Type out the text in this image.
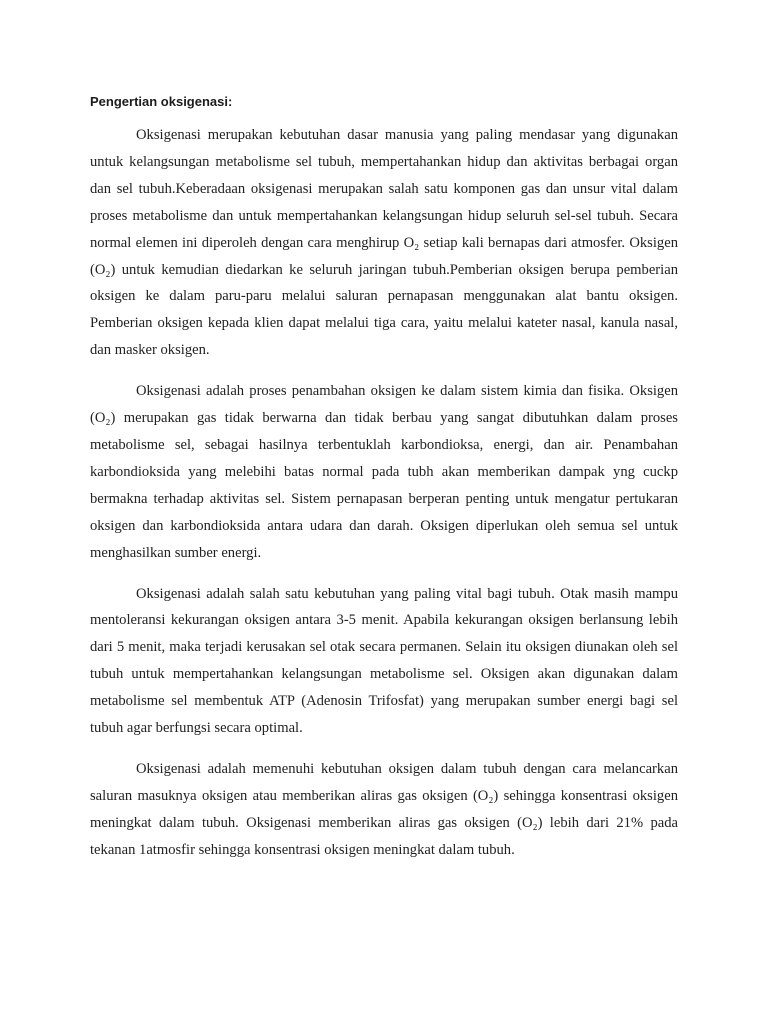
Pengertian oksigenasi:

Oksigenasi merupakan kebutuhan dasar manusia yang paling mendasar yang digunakan untuk kelangsungan metabolisme sel tubuh, mempertahankan hidup dan aktivitas berbagai organ dan sel tubuh.Keberadaan oksigenasi merupakan salah satu komponen gas dan unsur vital dalam proses metabolisme dan untuk mempertahankan kelangsungan hidup seluruh sel-sel tubuh. Secara normal elemen ini diperoleh dengan cara menghirup O₂ setiap kali bernapas dari atmosfer. Oksigen (O₂) untuk kemudian diedarkan ke seluruh jaringan tubuh.Pemberian oksigen berupa pemberian oksigen ke dalam paru-paru melalui saluran pernapasan menggunakan alat bantu oksigen. Pemberian oksigen kepada klien dapat melalui tiga cara, yaitu melalui kateter nasal, kanula nasal, dan masker oksigen.

Oksigenasi adalah proses penambahan oksigen ke dalam sistem kimia dan fisika. Oksigen (O₂) merupakan gas tidak berwarna dan tidak berbau yang sangat dibutuhkan dalam proses metabolisme sel, sebagai hasilnya terbentuklah karbondioksa, energi, dan air. Penambahan karbondioksida yang melebihi batas normal pada tubh akan memberikan dampak yng cuckp bermakna terhadap aktivitas sel. Sistem pernapasan berperan penting untuk mengatur pertukaran oksigen dan karbondioksida antara udara dan darah. Oksigen diperlukan oleh semua sel untuk menghasilkan sumber energi.

Oksigenasi adalah salah satu kebutuhan yang paling vital bagi tubuh. Otak masih mampu mentoleransi kekurangan oksigen antara 3-5 menit. Apabila kekurangan oksigen berlansung lebih dari 5 menit, maka terjadi kerusakan sel otak secara permanen. Selain itu oksigen diunakan oleh sel tubuh untuk mempertahankan kelangsungan metabolisme sel. Oksigen akan digunakan dalam metabolisme sel membentuk ATP (Adenosin Trifosfat) yang merupakan sumber energi bagi sel tubuh agar berfungsi secara optimal.

Oksigenasi adalah memenuhi kebutuhan oksigen dalam tubuh dengan cara melancarkan saluran masuknya oksigen atau memberikan aliras gas oksigen (O₂) sehingga konsentrasi oksigen meningkat dalam tubuh. Oksigenasi memberikan aliras gas oksigen (O₂) lebih dari 21% pada tekanan 1atmosfir sehingga konsentrasi oksigen meningkat dalam tubuh.
